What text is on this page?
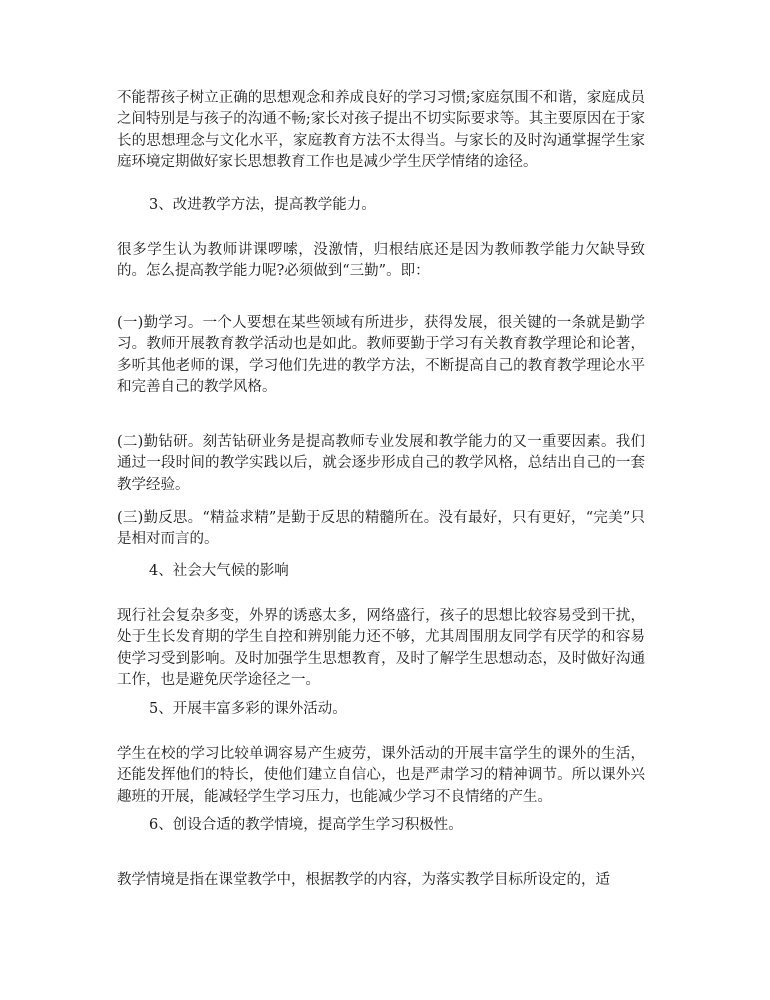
不能帮孩子树立正确的思想观念和养成良好的学习习惯;家庭氛围不和谐，家庭成员之间特别是与孩子的沟通不畅;家长对孩子提出不切实际要求等。其主要原因在于家长的思想理念与文化水平，家庭教育方法不太得当。与家长的及时沟通掌握学生家庭环境定期做好家长思想教育工作也是减少学生厌学情绪的途径。

3、改进教学方法，提高教学能力。

很多学生认为教师讲课啰嗦，没激情，归根结底还是因为教师教学能力欠缺导致的。怎么提高教学能力呢?必须做到“三勤”。即：

(一)勤学习。一个人要想在某些领域有所进步，获得发展，很关键的一条就是勤学习。教师开展教育教学活动也是如此。教师要勤于学习有关教育教学理论和论著，多听其他老师的课，学习他们先进的教学方法，不断提高自己的教育教学理论水平和完善自己的教学风格。

(二)勤钻研。刻苦钻研业务是提高教师专业发展和教学能力的又一重要因素。我们通过一段时间的教学实践以后，就会逐步形成自己的教学风格，总结出自己的一套教学经验。

(三)勤反思。“精益求精”是勤于反思的精髓所在。没有最好，只有更好，“完美”只是相对而言的。

4、社会大气候的影响

现行社会复杂多变，外界的诱惑太多，网络盛行，孩子的思想比较容易受到干扰，处于生长发育期的学生自控和辨别能力还不够，尤其周围朋友同学有厌学的和容易使学习受到影响。及时加强学生思想教育，及时了解学生思想动态，及时做好沟通工作，也是避免厌学途径之一。

5、开展丰富多彩的课外活动。

学生在校的学习比较单调容易产生疲劳，课外活动的开展丰富学生的课外的生活，还能发挥他们的特长，使他们建立自信心，也是严肃学习的精神调节。所以课外兴趣班的开展，能减轻学生学习压力，也能减少学习不良情绪的产生。

6、创设合适的教学情境，提高学生学习积极性。

教学情境是指在课堂教学中，根据教学的内容，为落实教学目标所设定的，适
